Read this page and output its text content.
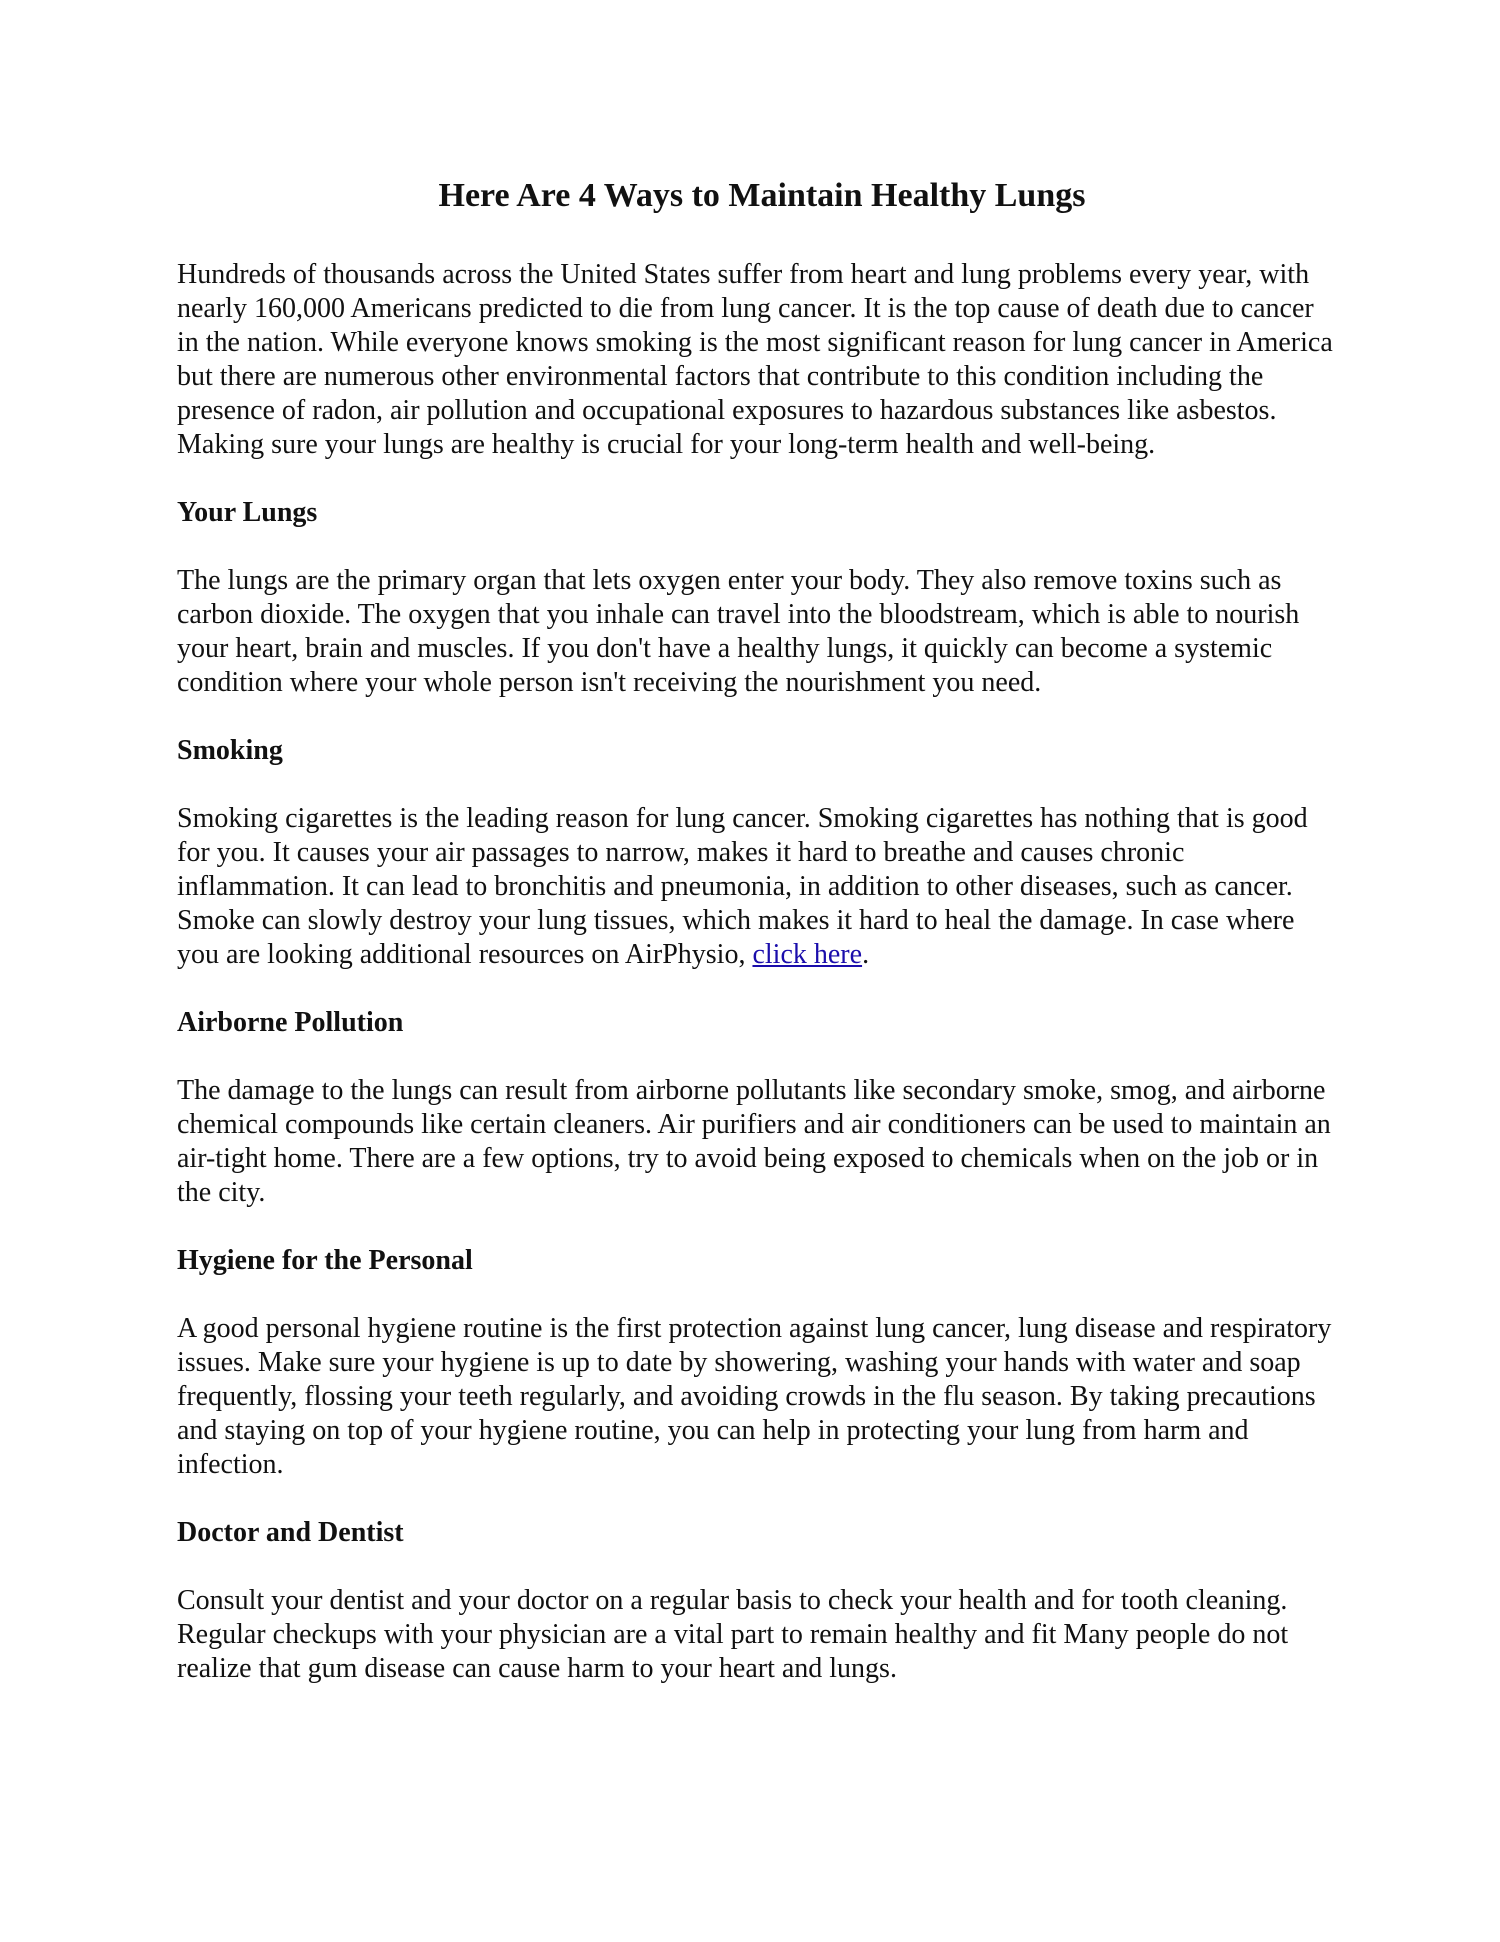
Here Are 4 Ways to Maintain Healthy Lungs

Hundreds of thousands across the United States suffer from heart and lung problems every year, with nearly 160,000 Americans predicted to die from lung cancer. It is the top cause of death due to cancer in the nation. While everyone knows smoking is the most significant reason for lung cancer in America but there are numerous other environmental factors that contribute to this condition including the presence of radon, air pollution and occupational exposures to hazardous substances like asbestos. Making sure your lungs are healthy is crucial for your long-term health and well-being.

Your Lungs

The lungs are the primary organ that lets oxygen enter your body. They also remove toxins such as carbon dioxide. The oxygen that you inhale can travel into the bloodstream, which is able to nourish your heart, brain and muscles. If you don't have a healthy lungs, it quickly can become a systemic condition where your whole person isn't receiving the nourishment you need.

Smoking

Smoking cigarettes is the leading reason for lung cancer. Smoking cigarettes has nothing that is good for you. It causes your air passages to narrow, makes it hard to breathe and causes chronic inflammation. It can lead to bronchitis and pneumonia, in addition to other diseases, such as cancer. Smoke can slowly destroy your lung tissues, which makes it hard to heal the damage. In case where you are looking additional resources on AirPhysio, click here.

Airborne Pollution

The damage to the lungs can result from airborne pollutants like secondary smoke, smog, and airborne chemical compounds like certain cleaners. Air purifiers and air conditioners can be used to maintain an air-tight home. There are a few options, try to avoid being exposed to chemicals when on the job or in the city.

Hygiene for the Personal

A good personal hygiene routine is the first protection against lung cancer, lung disease and respiratory issues. Make sure your hygiene is up to date by showering, washing your hands with water and soap frequently, flossing your teeth regularly, and avoiding crowds in the flu season. By taking precautions and staying on top of your hygiene routine, you can help in protecting your lung from harm and infection.

Doctor and Dentist

Consult your dentist and your doctor on a regular basis to check your health and for tooth cleaning. Regular checkups with your physician are a vital part to remain healthy and fit Many people do not realize that gum disease can cause harm to your heart and lungs.
